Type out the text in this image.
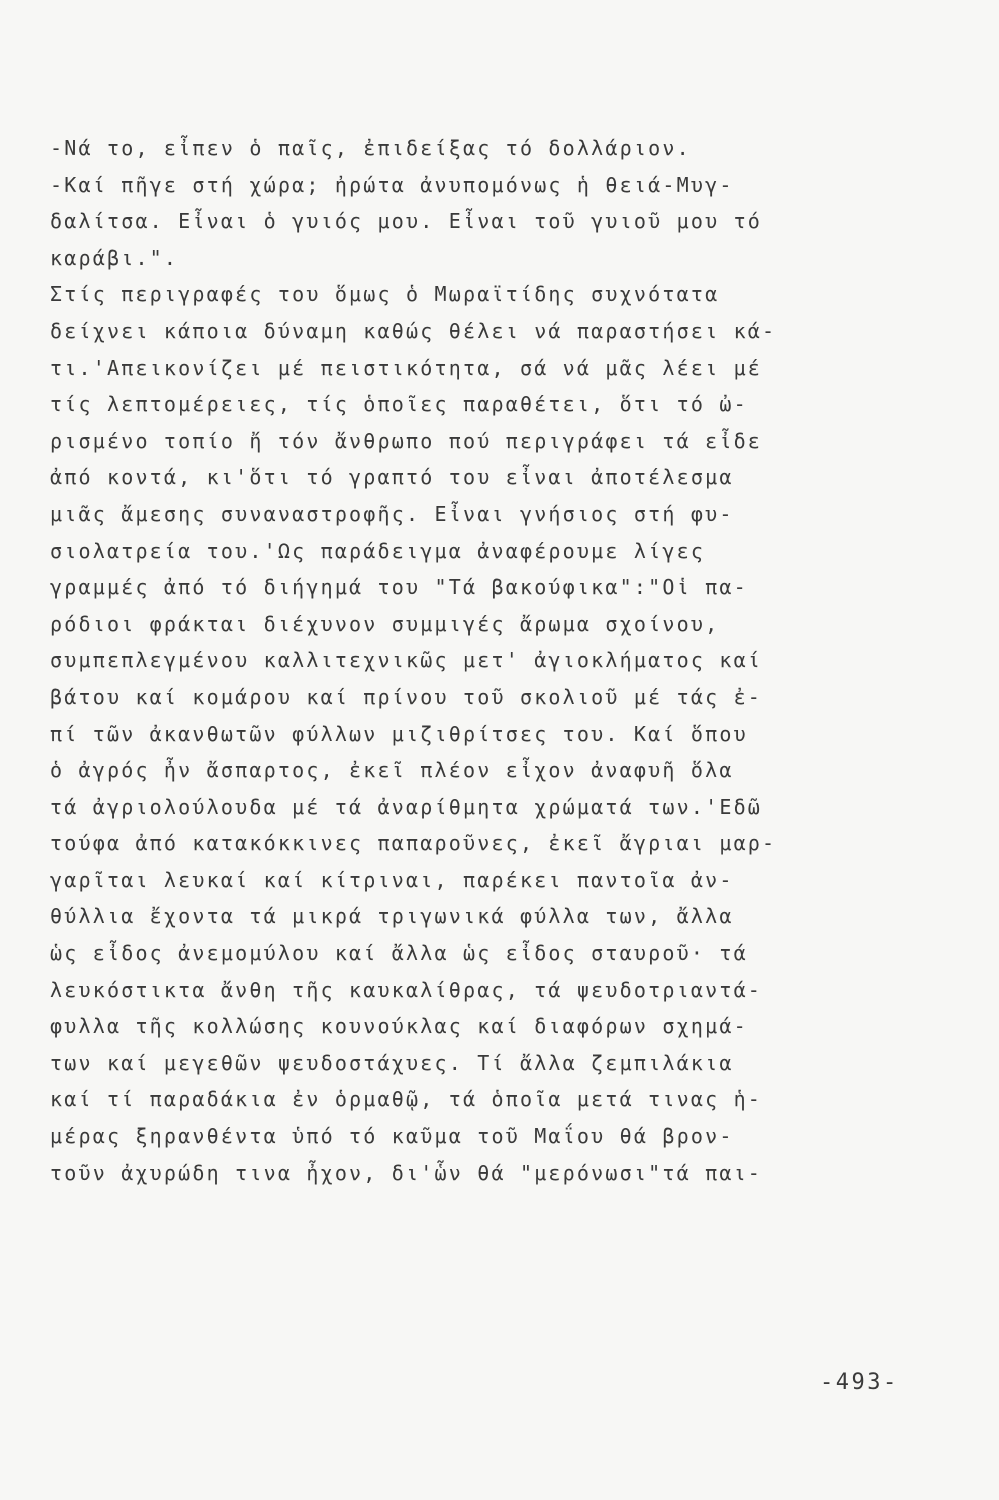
-Νά το, εἶπεν ὁ παῖς, ἐπιδείξας τό δολλάριον.
-Καί πῆγε στή χώρα; ἠρώτα ἀνυπομόνως ἡ θειά-Μυγ-
δαλίτσα. Εἶναι ὁ γυιός μου. Εἶναι τοῦ γυιοῦ μου τό
καράβι.".
Στίς περιγραφές του ὅμως ὁ Μωραϊτίδης συχνότατα
δείχνει κάποια δύναμη καθώς θέλει νά παραστήσει κά-
τι.'Απεικονίζει μέ πειστικότητα, σά νά μᾶς λέει μέ
τίς λεπτομέρειες, τίς ὁποῖες παραθέτει, ὅτι τό ὠ-
ρισμένο τοπίο ἤ τόν ἄνθρωπο πού περιγράφει τά εἶδε
ἀπό κοντά, κι'ὅτι τό γραπτό του εἶναι ἀποτέλεσμα
μιᾶς ἄμεσης συναναστροφῆς. Εἶναι γνήσιος στή φυ-
σιολατρεία του.'Ως παράδειγμα ἀναφέρουμε λίγες
γραμμές ἀπό τό διήγημά του "Τά βακούφικα":"Οἱ πα-
ρόδιοι φράκται διέχυνον συμμιγές ἄρωμα σχοίνου,
συμπεπλεγμένου καλλιτεχνικῶς μετ' ἀγιοκλήματος καί
βάτου καί κομάρου καί πρίνου τοῦ σκολιοῦ μέ τάς ἐ-
πί τῶν ἀκανθωτῶν φύλλων μιζιθρίτσες του. Καί ὅπου
ὁ ἀγρός ἦν ἄσπαρτος, ἐκεῖ πλέον εἶχον ἀναφυῆ ὅλα
τά ἀγριολούλουδα μέ τά ἀναρίθμητα χρώματά των.'Εδῶ
τούφα ἀπό κατακόκκινες παπαροῦνες, ἐκεῖ ἄγριαι μαρ-
γαρῖται λευκαί καί κίτριναι, παρέκει παντοῖα ἀν-
θύλλια ἔχοντα τά μικρά τριγωνικά φύλλα των, ἄλλα
ὡς εἶδος ἀνεμομύλου καί ἄλλα ὡς εἶδος σταυροῦ· τά
λευκόστικτα ἄνθη τῆς καυκαλίθρας, τά ψευδοτριαντά-
φυλλα τῆς κολλώσης κουνούκλας καί διαφόρων σχημά-
των καί μεγεθῶν ψευδοστάχυες. Τί ἄλλα ζεμπιλάκια
καί τί παραδάκια ἐν ὁρμαθῷ, τά ὁποῖα μετά τινας ἡ-
μέρας ξηρανθέντα ὑπό τό καῦμα τοῦ Μαΐου θά βρον-
τοῦν ἀχυρώδη τινα ἦχον, δι'ὧν θά "μερόνωσι"τά παι-
-493-
